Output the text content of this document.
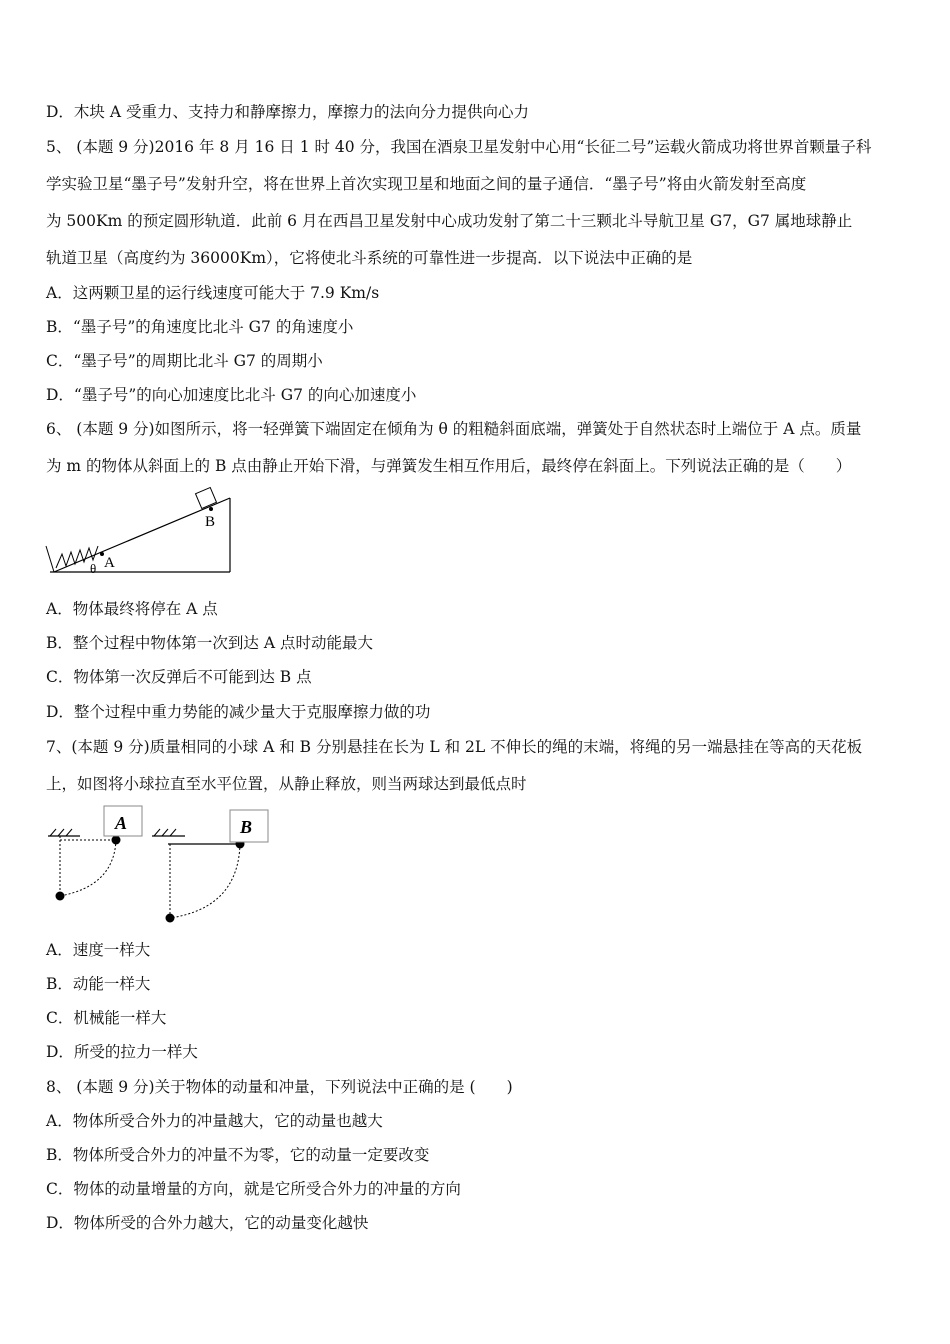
D．木块 A 受重力、支持力和静摩擦力，摩擦力的法向分力提供向心力
5、 (本题 9 分)2016 年 8 月 16 日 1 时 40 分，我国在酒泉卫星发射中心用“长征二号”运载火箭成功将世界首颗量子科
学实验卫星“墨子号”发射升空，将在世界上首次实现卫星和地面之间的量子通信．“墨子号”将由火箭发射至高度
为 500Km 的预定圆形轨道．此前 6 月在西昌卫星发射中心成功发射了第二十三颗北斗导航卫星 G7，G7 属地球静止
轨道卫星（高度约为 36000Km），它将使北斗系统的可靠性进一步提高．以下说法中正确的是
A．这两颗卫星的运行线速度可能大于 7.9 Km/s
B．“墨子号”的角速度比北斗 G7 的角速度小
C．“墨子号”的周期比北斗 G7 的周期小
D．“墨子号”的向心加速度比北斗 G7 的向心加速度小
6、 (本题 9 分)如图所示，将一轻弹簧下端固定在倾角为 θ 的粗糙斜面底端，弹簧处于自然状态时上端位于 A 点。质量
为 m 的物体从斜面上的 B 点由静止开始下滑，与弹簧发生相互作用后，最终停在斜面上。下列说法正确的是（　　）
A
B
θ
A．物体最终将停在 A 点
B．整个过程中物体第一次到达 A 点时动能最大
C．物体第一次反弹后不可能到达 B 点
D．整个过程中重力势能的减少量大于克服摩擦力做的功
7、(本题 9 分)质量相同的小球 A 和 B 分别悬挂在长为 L 和 2L 不伸长的绳的末端，将绳的另一端悬挂在等高的天花板
上，如图将小球拉直至水平位置，从静止释放，则当两球达到最低点时
A	B
A．速度一样大
B．动能一样大
C．机械能一样大
D．所受的拉力一样大
8、 (本题 9 分)关于物体的动量和冲量，下列说法中正确的是 (　　)
A．物体所受合外力的冲量越大，它的动量也越大
B．物体所受合外力的冲量不为零，它的动量一定要改变
C．物体的动量增量的方向，就是它所受合外力的冲量的方向
D．物体所受的合外力越大，它的动量变化越快
